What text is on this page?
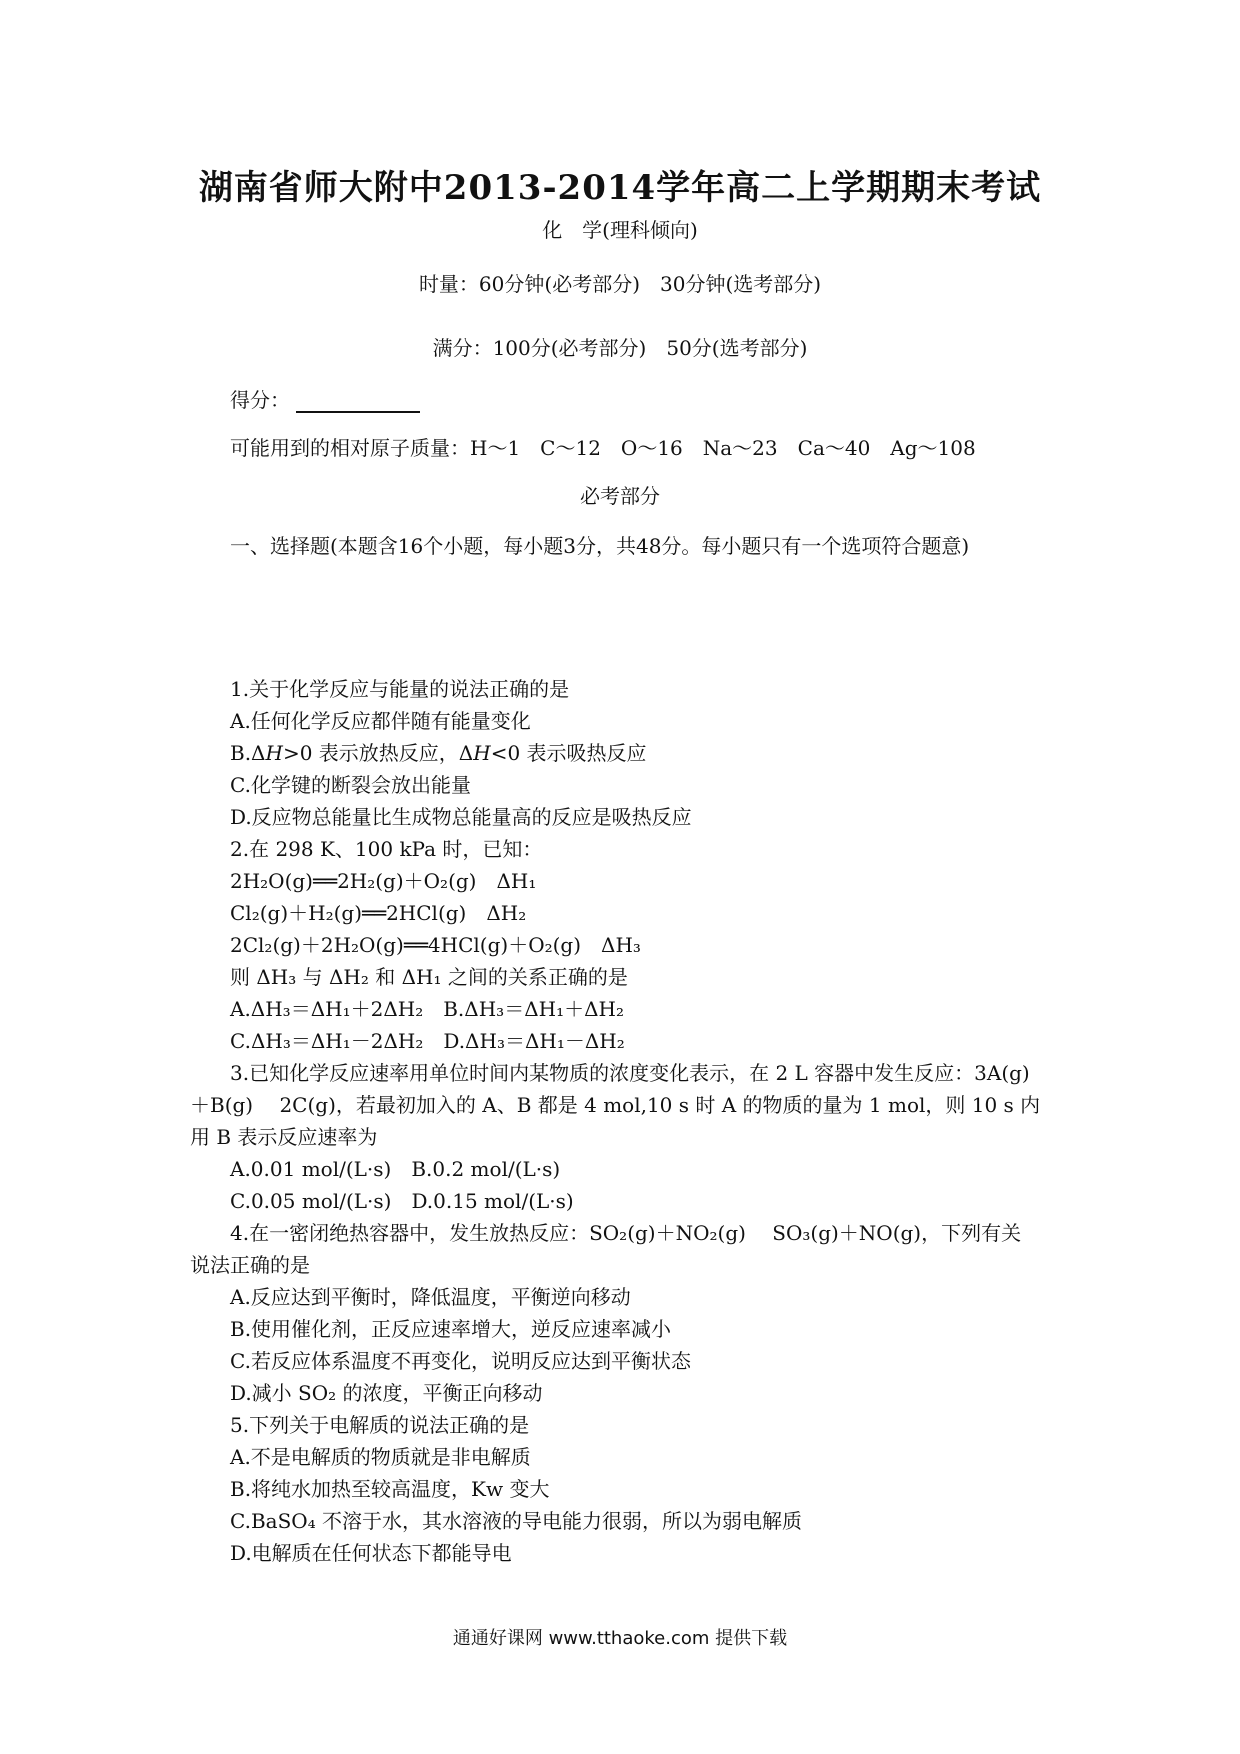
湖南省师大附中2013-2014学年高二上学期期末考试
化　学(理科倾向)
时量：60分钟(必考部分)　30分钟(选考部分)
满分：100分(必考部分)　50分(选考部分)
得分：
可能用到的相对原子质量：H～1　C～12　O～16　Na～23　Ca～40　Ag～108
必考部分
一、选择题(本题含16个小题，每小题3分，共48分。每小题只有一个选项符合题意)
1.关于化学反应与能量的说法正确的是
A.任何化学反应都伴随有能量变化
B.ΔH>0 表示放热反应，ΔH<0 表示吸热反应
C.化学键的断裂会放出能量
D.反应物总能量比生成物总能量高的反应是吸热反应
2.在 298 K、100 kPa 时，已知：
2H₂O(g)══2H₂(g)＋O₂(g)　ΔH₁
Cl₂(g)＋H₂(g)══2HCl(g)　ΔH₂
2Cl₂(g)＋2H₂O(g)══4HCl(g)＋O₂(g)　ΔH₃
则 ΔH₃ 与 ΔH₂ 和 ΔH₁ 之间的关系正确的是
A.ΔH₃＝ΔH₁＋2ΔH₂　B.ΔH₃＝ΔH₁＋ΔH₂
C.ΔH₃＝ΔH₁－2ΔH₂　D.ΔH₃＝ΔH₁－ΔH₂
3.已知化学反应速率用单位时间内某物质的浓度变化表示，在 2 L 容器中发生反应：3A(g)
＋B(g)　 2C(g)，若最初加入的 A、B 都是 4 mol,10 s 时 A 的物质的量为 1 mol，则 10 s 内
用 B 表示反应速率为
A.0.01 mol/(L·s)　B.0.2 mol/(L·s)
C.0.05 mol/(L·s)　D.0.15 mol/(L·s)
4.在一密闭绝热容器中，发生放热反应：SO₂(g)＋NO₂(g)　 SO₃(g)＋NO(g)，下列有关
说法正确的是
A.反应达到平衡时，降低温度，平衡逆向移动
B.使用催化剂，正反应速率增大，逆反应速率减小
C.若反应体系温度不再变化，说明反应达到平衡状态
D.减小 SO₂ 的浓度，平衡正向移动
5.下列关于电解质的说法正确的是
A.不是电解质的物质就是非电解质
B.将纯水加热至较高温度，Kw 变大
C.BaSO₄ 不溶于水，其水溶液的导电能力很弱，所以为弱电解质
D.电解质在任何状态下都能导电
通通好课网 www.tthaoke.com 提供下载
